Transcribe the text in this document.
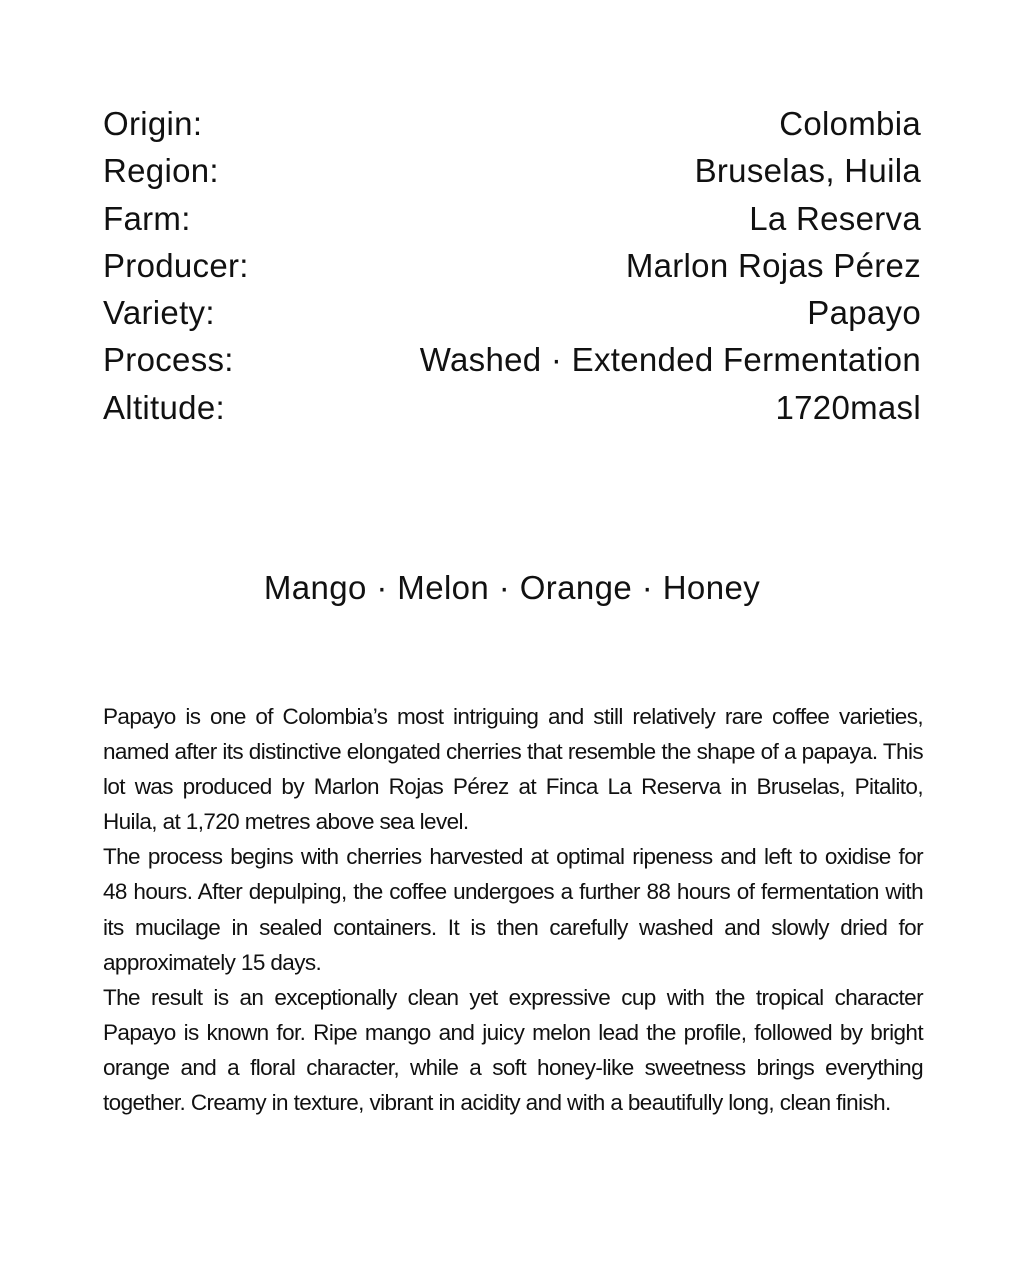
Origin:	Colombia
Region:	Bruselas, Huila
Farm:	La Reserva
Producer:	Marlon Rojas Pérez
Variety:	Papayo
Process:	Washed · Extended Fermentation
Altitude:	1720masl
Mango · Melon · Orange · Honey

Papayo is one of Colombia’s most intriguing and still relatively rare coffee varieties, named after its distinctive elongated cherries that resemble the shape of a papaya. This lot was produced by Marlon Rojas Pérez at Finca La Reserva in Bruselas, Pitalito, Huila, at 1,720 metres above sea level.

The process begins with cherries harvested at optimal ripeness and left to oxidise for 48 hours. After depulping, the coffee undergoes a further 88 hours of fermentation with its mucilage in sealed containers. It is then carefully washed and slowly dried for approximately 15 days.

The result is an exceptionally clean yet expressive cup with the tropical character Papayo is known for. Ripe mango and juicy melon lead the profile, followed by bright orange and a floral character, while a soft honey-like sweetness brings everything together. Creamy in texture, vibrant in acidity and with a beautifully long, clean finish.
